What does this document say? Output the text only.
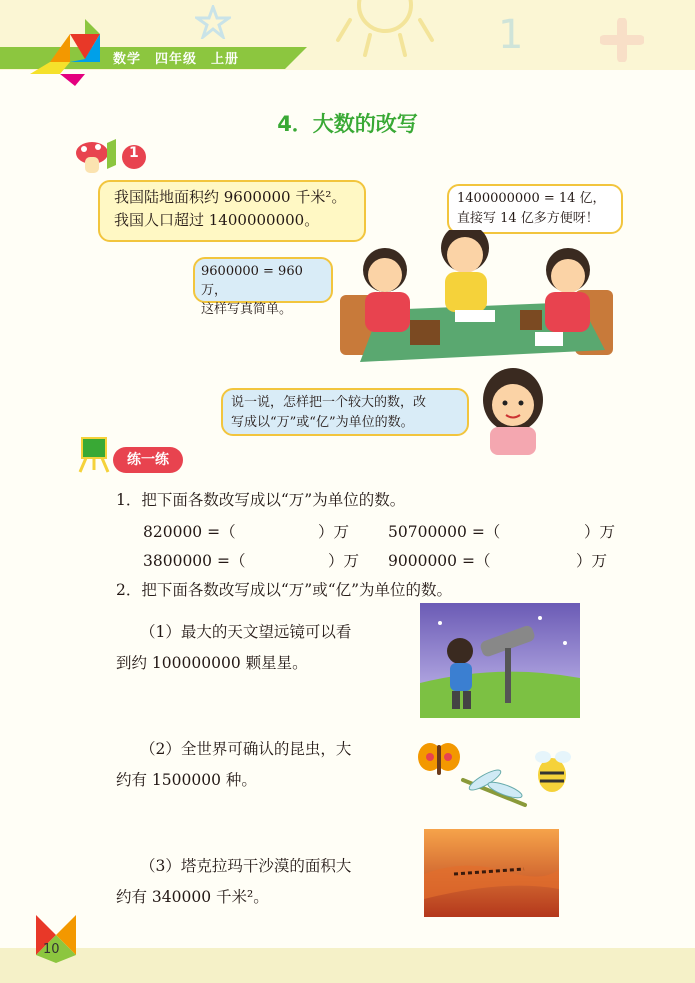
1
数学 四年级 上册
4．大数的改写
1
我国陆地面积约 9600000 千米²。
我国人口超过 1400000000。
1400000000 = 14 亿，
直接写 14 亿多方便呀！
9600000 = 960 万，
这样写真简单。
说一说，怎样把一个较大的数，改
写成以“万”或“亿”为单位的数。
练一练
1．把下面各数改写成以“万”为单位的数。
820000 =（	）万	50700000 =（	）万
3800000 =（	）万 9000000 =（	）万
2．把下面各数改写成以“万”或“亿”为单位的数。
（1）最大的天文望远镜可以看
到约 100000000 颗星星。
（2）全世界可确认的昆虫，大
约有 1500000 种。
（3）塔克拉玛干沙漠的面积大
约有 340000 千米²。
10
